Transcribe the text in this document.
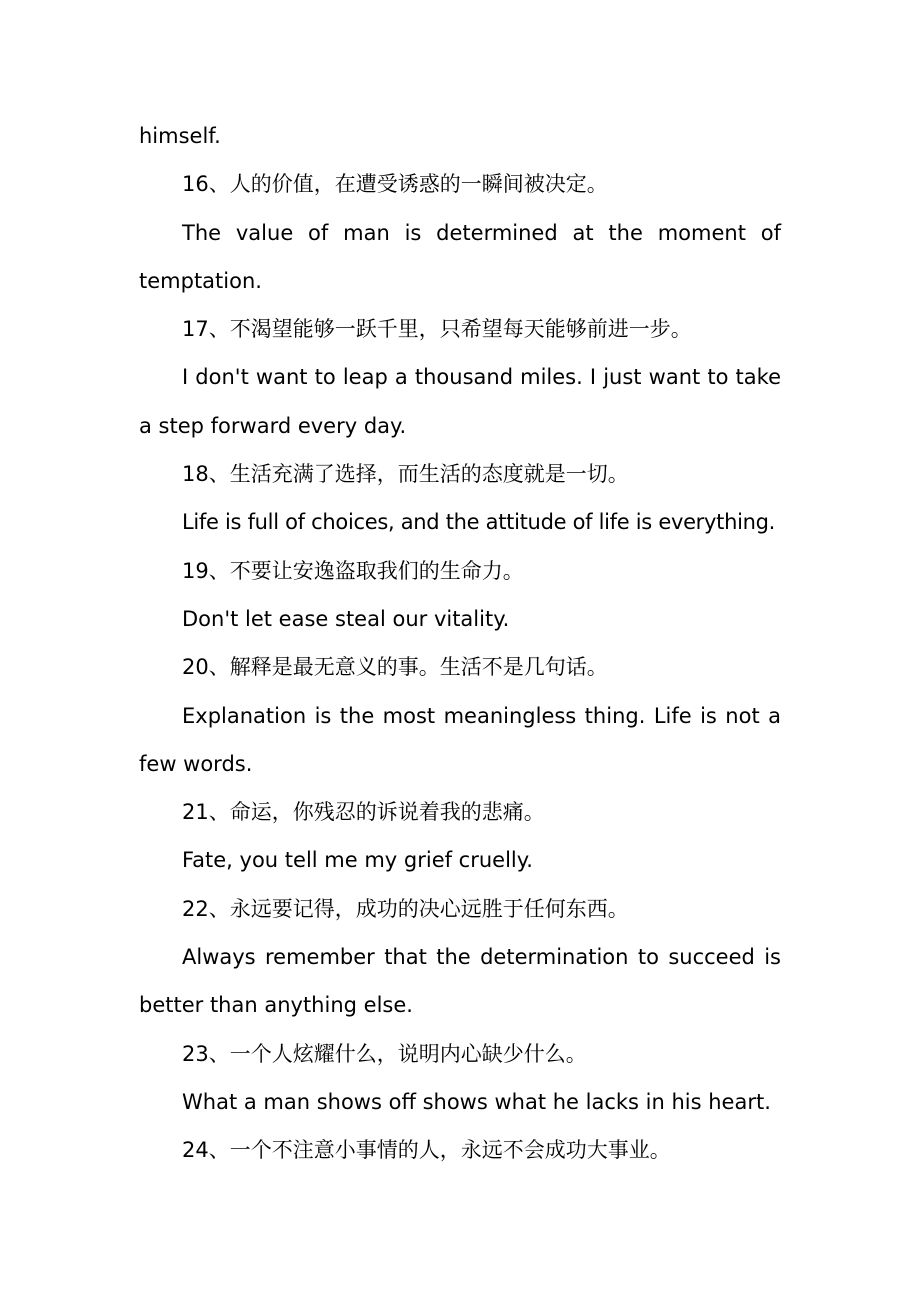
himself.

16、人的价值，在遭受诱惑的一瞬间被决定。

The value of man is determined at the moment of temptation.

17、不渴望能够一跃千里，只希望每天能够前进一步。

I don't want to leap a thousand miles. I just want to take a step forward every day.

18、生活充满了选择，而生活的态度就是一切。

Life is full of choices, and the attitude of life is everything.

19、不要让安逸盗取我们的生命力。

Don't let ease steal our vitality.

20、解释是最无意义的事。生活不是几句话。

Explanation is the most meaningless thing. Life is not a few words.

21、命运，你残忍的诉说着我的悲痛。

Fate, you tell me my grief cruelly.

22、永远要记得，成功的决心远胜于任何东西。

Always remember that the determination to succeed is better than anything else.

23、一个人炫耀什么，说明内心缺少什么。

What a man shows off shows what he lacks in his heart.

24、一个不注意小事情的人，永远不会成功大事业。
